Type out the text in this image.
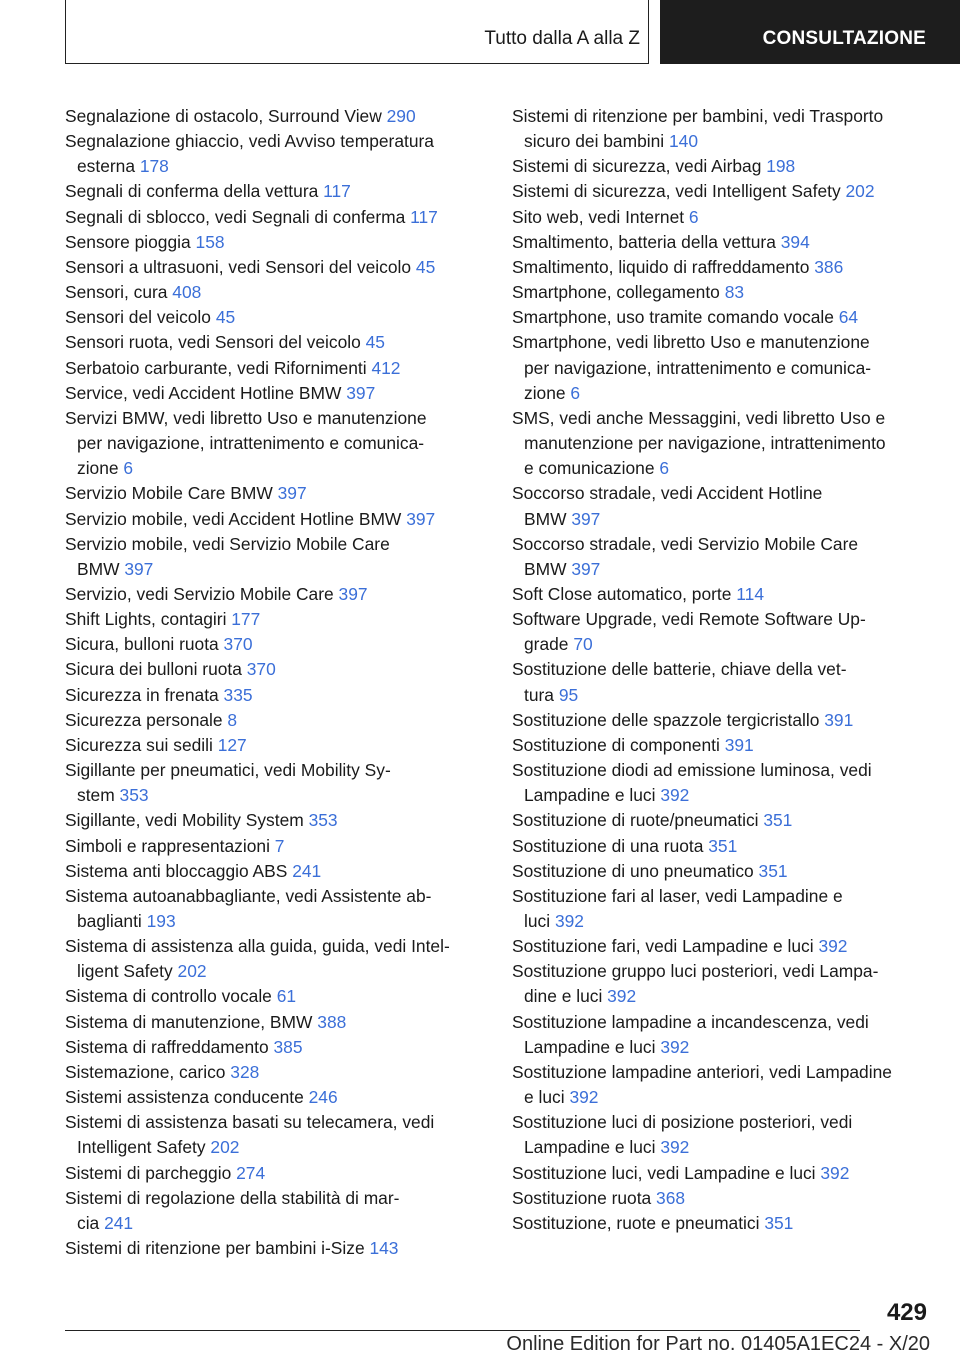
Tutto dalla A alla Z	CONSULTAZIONE
Segnalazione di ostacolo, Surround View 290
Segnalazione ghiaccio, vedi Avviso temperatura
esterna 178
Segnali di conferma della vettura 117
Segnali di sblocco, vedi Segnali di conferma 117
Sensore pioggia 158
Sensori a ultrasuoni, vedi Sensori del veicolo 45
Sensori, cura 408
Sensori del veicolo 45
Sensori ruota, vedi Sensori del veicolo 45
Serbatoio carburante, vedi Rifornimenti 412
Service, vedi Accident Hotline BMW 397
Servizi BMW, vedi libretto Uso e manutenzione
per navigazione, intrattenimento e comunica-
zione 6
Servizio Mobile Care BMW 397
Servizio mobile, vedi Accident Hotline BMW 397
Servizio mobile, vedi Servizio Mobile Care
BMW 397
Servizio, vedi Servizio Mobile Care 397
Shift Lights, contagiri 177
Sicura, bulloni ruota 370
Sicura dei bulloni ruota 370
Sicurezza in frenata 335
Sicurezza personale 8
Sicurezza sui sedili 127
Sigillante per pneumatici, vedi Mobility Sy-
stem 353
Sigillante, vedi Mobility System 353
Simboli e rappresentazioni 7
Sistema anti bloccaggio ABS 241
Sistema autoanabbagliante, vedi Assistente ab-
baglianti 193
Sistema di assistenza alla guida, guida, vedi Intel-
ligent Safety 202
Sistema di controllo vocale 61
Sistema di manutenzione, BMW 388
Sistema di raffreddamento 385
Sistemazione, carico 328
Sistemi assistenza conducente 246
Sistemi di assistenza basati su telecamera, vedi
Intelligent Safety 202
Sistemi di parcheggio 274
Sistemi di regolazione della stabilità di mar-
cia 241
Sistemi di ritenzione per bambini i-Size 143
Sistemi di ritenzione per bambini, vedi Trasporto
sicuro dei bambini 140
Sistemi di sicurezza, vedi Airbag 198
Sistemi di sicurezza, vedi Intelligent Safety 202
Sito web, vedi Internet 6
Smaltimento, batteria della vettura 394
Smaltimento, liquido di raffreddamento 386
Smartphone, collegamento 83
Smartphone, uso tramite comando vocale 64
Smartphone, vedi libretto Uso e manutenzione
per navigazione, intrattenimento e comunica-
zione 6
SMS, vedi anche Messaggini, vedi libretto Uso e
manutenzione per navigazione, intrattenimento
e comunicazione 6
Soccorso stradale, vedi Accident Hotline
BMW 397
Soccorso stradale, vedi Servizio Mobile Care
BMW 397
Soft Close automatico, porte 114
Software Upgrade, vedi Remote Software Up-
grade 70
Sostituzione delle batterie, chiave della vet-
tura 95
Sostituzione delle spazzole tergicristallo 391
Sostituzione di componenti 391
Sostituzione diodi ad emissione luminosa, vedi
Lampadine e luci 392
Sostituzione di ruote/pneumatici 351
Sostituzione di una ruota 351
Sostituzione di uno pneumatico 351
Sostituzione fari al laser, vedi Lampadine e
luci 392
Sostituzione fari, vedi Lampadine e luci 392
Sostituzione gruppo luci posteriori, vedi Lampa-
dine e luci 392
Sostituzione lampadine a incandescenza, vedi
Lampadine e luci 392
Sostituzione lampadine anteriori, vedi Lampadine
e luci 392
Sostituzione luci di posizione posteriori, vedi
Lampadine e luci 392
Sostituzione luci, vedi Lampadine e luci 392
Sostituzione ruota 368
Sostituzione, ruote e pneumatici 351
429
Online Edition for Part no. 01405A1EC24 - X/20
